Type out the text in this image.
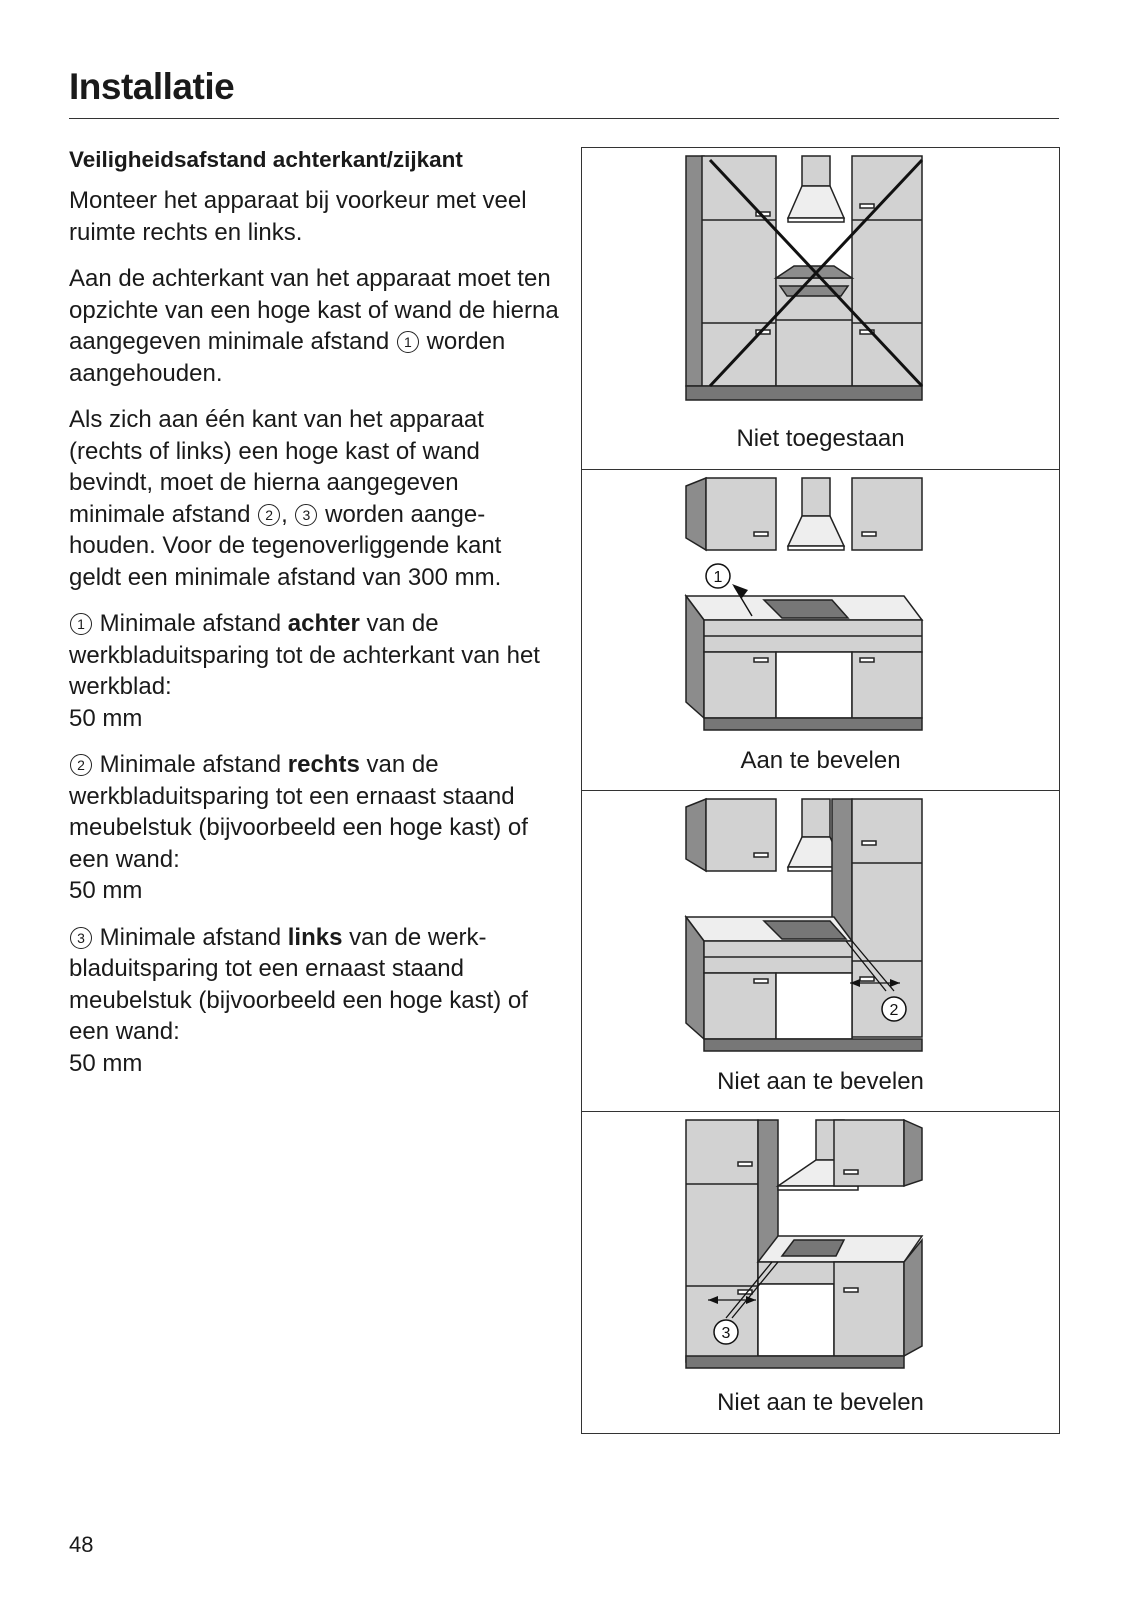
Installatie
Veiligheidsafstand achterkant/zijkant

Monteer het apparaat bij voorkeur met veel ruimte rechts en links.

Aan de achterkant van het apparaat moet ten opzichte van een hoge kast of wand de hierna aangegeven minimale afstand 1 worden aangehouden.

Als zich aan één kant van het apparaat (rechts of links) een hoge kast of wand bevindt, moet de hierna aangegeven minimale afstand 2 , 3 worden aangehouden. Voor de tegenoverliggende kant geldt een minimale afstand van 300 mm.

1 Minimale afstand achter van de werkbladuitsparing tot de achterkant van het werkblad:
50 mm

2 Minimale afstand rechts van de werkbladuitsparing tot een ernaast staand meubelstuk (bijvoorbeeld een hoge kast) of een wand:
50 mm

3 Minimale afstand links van de werkbladuitsparing tot een ernaast staand meubelstuk (bijvoorbeeld een hoge kast) of een wand:
50 mm

Niet toegestaan
1
Aan te bevelen
2
Niet aan te bevelen
3
Niet aan te bevelen
48
